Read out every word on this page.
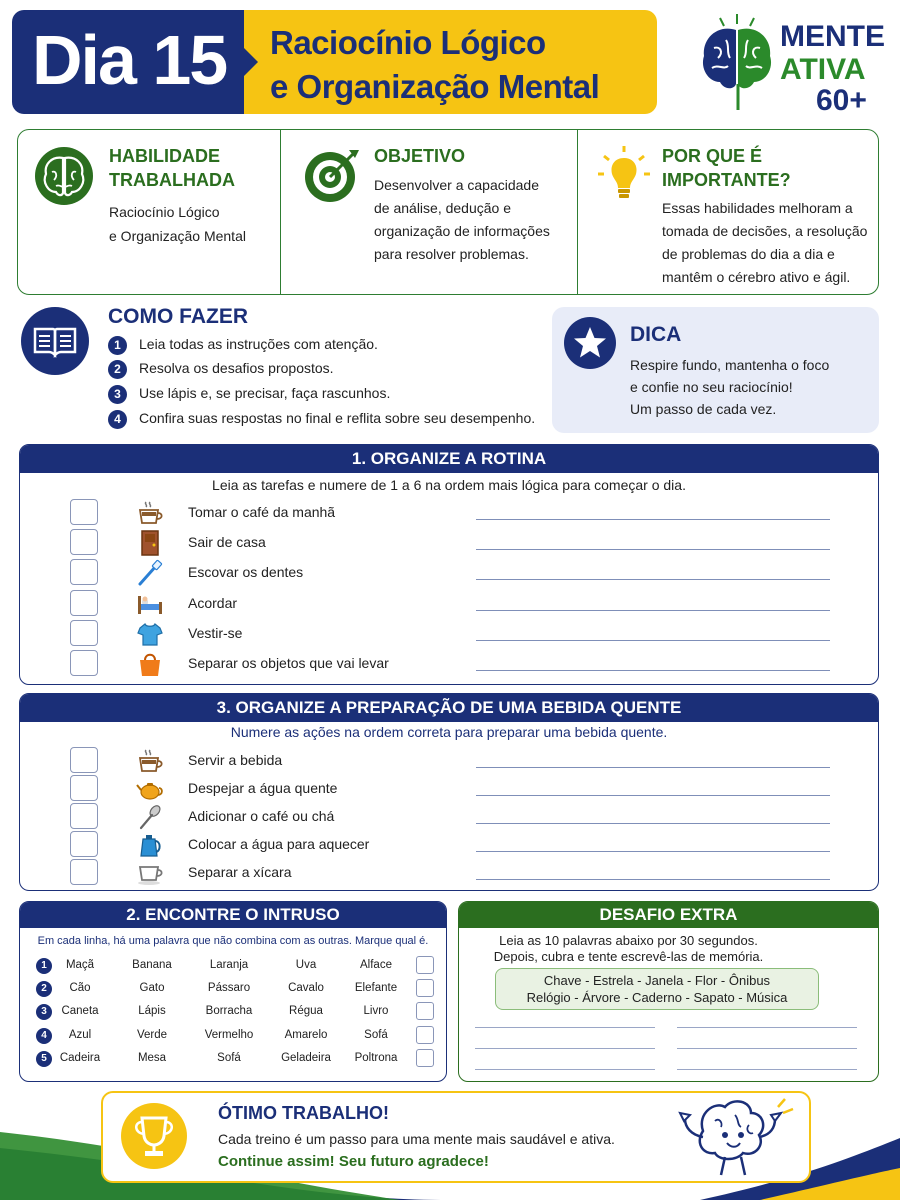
Dia 15 Raciocínio Lógico
e Organização Mental
MENTE
ATIVA
60+
HABILIDADE
TRABALHADA
Raciocínio Lógico
e Organização Mental
OBJETIVO
Desenvolver a capacidade
de análise, dedução e
organização de informações
para resolver problemas.
POR QUE É
IMPORTANTE?
Essas habilidades melhoram a
tomada de decisões, a resolução
de problemas do dia a dia e
mantêm o cérebro ativo e ágil.
COMO FAZER
1 Leia todas as instruções com atenção.
2 Resolva os desafios propostos.
3 Use lápis e, se precisar, faça rascunhos.
4 Confira suas respostas no final e reflita sobre seu desempenho.
DICA
Respire fundo, mantenha o foco
e confie no seu raciocínio!
Um passo de cada vez.
1. ORGANIZE A ROTINA
Leia as tarefas e numere de 1 a 6 na ordem mais lógica para começar o dia.
Tomar o café da manhã
Sair de casa
Escovar os dentes
Acordar
Vestir-se
Separar os objetos que vai levar
3. ORGANIZE A PREPARAÇÃO DE UMA BEBIDA QUENTE
Numere as ações na ordem correta para preparar uma bebida quente.
Servir a bebida
Despejar a água quente
Adicionar o café ou chá
Colocar a água para aquecer
Separar a xícara
2. ENCONTRE O INTRUSO
Em cada linha, há uma palavra que não combina com as outras. Marque qual é.
1	Maçã	Banana	Laranja	Uva	Alface
2	Cão	Gato	Pássaro	Cavalo	Elefante
3	Caneta	Lápis	Borracha	Régua	Livro
4	Azul	Verde	Vermelho	Amarelo	Sofá
5	Cadeira	Mesa	Sofá	Geladeira	Poltrona
DESAFIO EXTRA
Leia as 10 palavras abaixo por 30 segundos.
Depois, cubra e tente escrevê-las de memória.
Chave - Estrela - Janela - Flor - Ônibus
Relógio - Árvore - Caderno - Sapato - Música
ÓTIMO TRABALHO!
Cada treino é um passo para uma mente mais saudável e ativa.
Continue assim! Seu futuro agradece!
